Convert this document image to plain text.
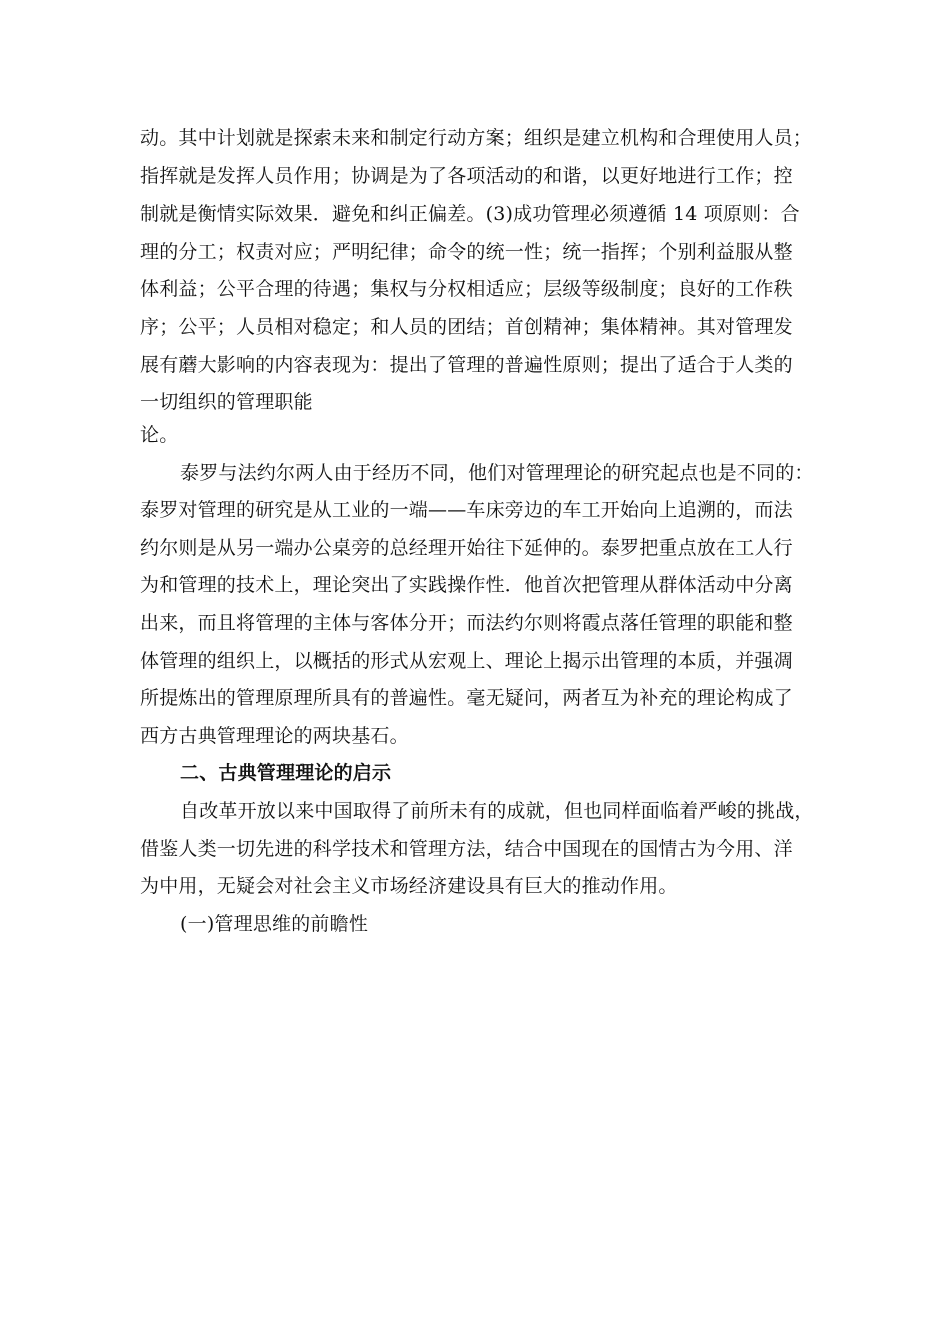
动。其中计划就是探索未来和制定行动方案；组织是建立机构和合理使用人员；
指挥就是发挥人员作用；协调是为了各项活动的和谐，以更好地进行工作；控
制就是衡情实际效果．避免和纠正偏差。(3)成功管理必须遵循 14 项原则：合
理的分工；权责对应；严明纪律；命令的统一性；统一指挥；个别利益服从整
体利益；公平合理的待遇；集权与分权相适应；层级等级制度；良好的工作秩
序；公平；人员相对稳定；和人员的团结；首创精神；集体精神。其对管理发
展有蘑大影响的内容表现为：提出了管理的普遍性原则；提出了适合于人类的
一切组织的管理职能
论。
泰罗与法约尔两人由于经历不同，他们对管理理论的研究起点也是不同的：
泰罗对管理的研究是从工业的一端——车床旁边的车工开始向上追溯的，而法
约尔则是从另一端办公桌旁的总经理开始往下延伸的。泰罗把重点放在工人行
为和管理的技术上，理论突出了实践操作性．他首次把管理从群体活动中分离
出来，而且将管理的主体与客体分开；而法约尔则将霞点落任管理的职能和整
体管理的组织上，以概括的形式从宏观上、理论上揭示出管理的本质，并强凋
所提炼出的管理原理所具有的普遍性。毫无疑问，两者互为补充的理论构成了
西方古典管理理论的两块基石。
二、古典管理理论的启示
自改革开放以来中国取得了前所未有的成就，但也同样面临着严峻的挑战，
借鉴人类一切先进的科学技术和管理方法，结合中国现在的国情古为今用、洋
为中用，无疑会对社会主义市场经济建设具有巨大的推动作用。
(一)管理思维的前瞻性
